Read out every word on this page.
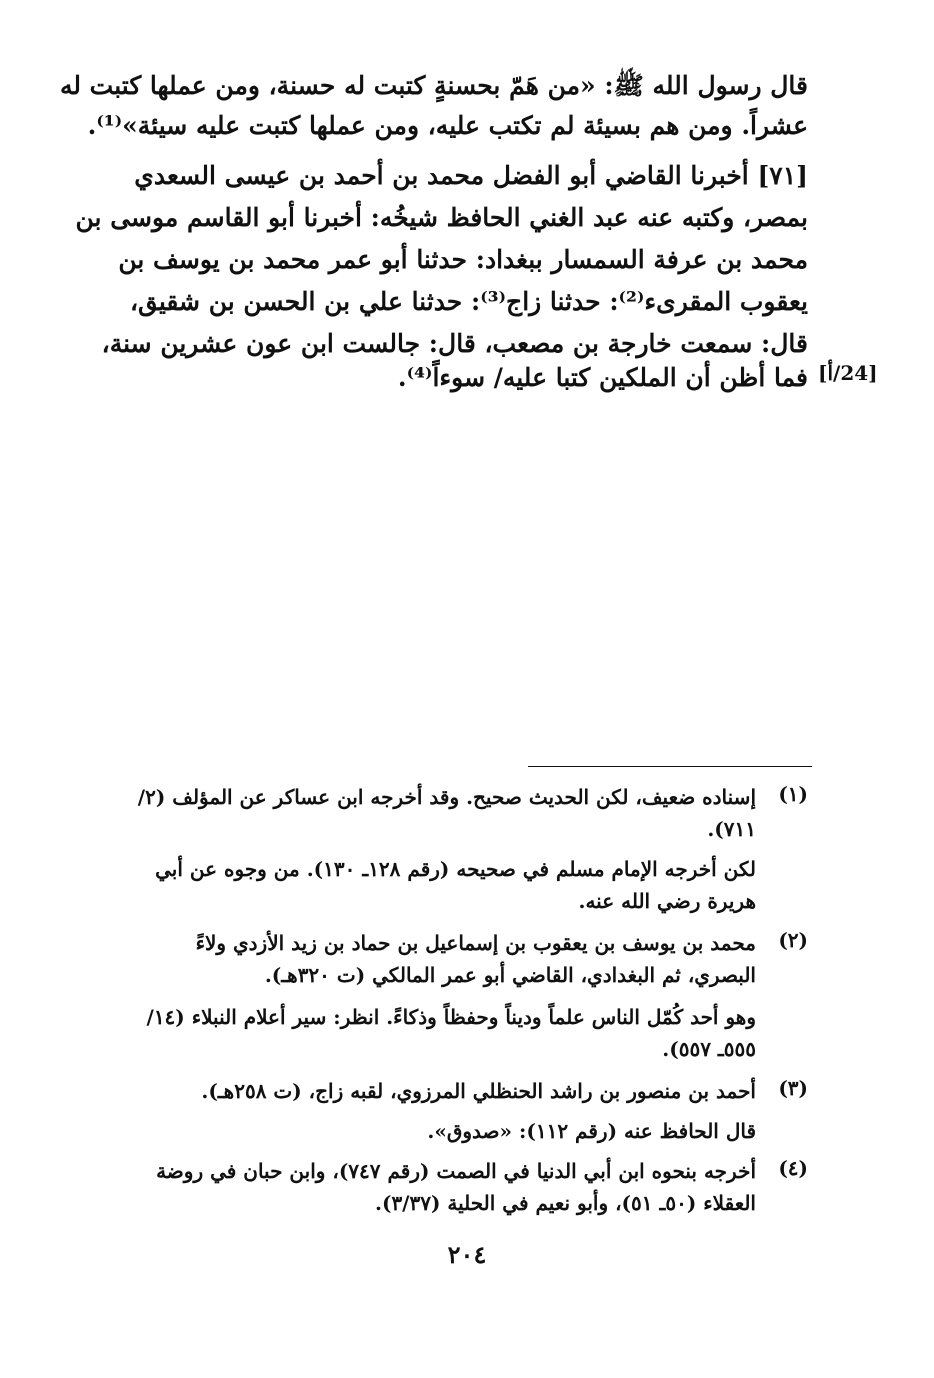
قال رسول الله ﷺ: «من هَمّ بحسنةٍ كتبت له حسنة، ومن عملها كتبت له
عشراً. ومن هم بسيئة لم تكتب عليه، ومن عملها كتبت عليه سيئة»⁽¹⁾.
[٧١] أخبرنا القاضي أبو الفضل محمد بن أحمد بن عيسى السعدي
بمصر، وكتبه عنه عبد الغني الحافظ شيخُه: أخبرنا أبو القاسم موسى بن
محمد بن عرفة السمسار ببغداد: حدثنا أبو عمر محمد بن يوسف بن
يعقوب المقرىء⁽²⁾: حدثنا زاج⁽³⁾: حدثنا علي بن الحسن بن شقيق،
قال: سمعت خارجة بن مصعب، قال: جالست ابن عون عشرين سنة،
فما أظن أن الملكين كتبا عليه/ سوءاً⁽⁴⁾. [24/أ]
(١)
إسناده ضعيف، لكن الحديث صحيح. وقد أخرجه ابن عساكر عن المؤلف (٢/
٧١١).
لكن أخرجه الإمام مسلم في صحيحه (رقم ١٢٨ـ ١٣٠). من وجوه عن أبي
هريرة رضي الله عنه.
(٢)
محمد بن يوسف بن يعقوب بن إسماعيل بن حماد بن زيد الأزدي ولاءً
البصري، ثم البغدادي، القاضي أبو عمر المالكي (ت ٣٢٠هـ).
وهو أحد كُمّل الناس علماً وديناً وحفظاً وذكاءً. انظر: سير أعلام النبلاء (١٤/
٥٥٥ـ ٥٥٧).
(٣)
أحمد بن منصور بن راشد الحنظلي المرزوي، لقبه زاج، (ت ٢٥٨هـ).
قال الحافظ عنه (رقم ١١٢): «صدوق».
(٤)
أخرجه بنحوه ابن أبي الدنيا في الصمت (رقم ٧٤٧)، وابن حبان في روضة
العقلاء (٥٠ـ ٥١)، وأبو نعيم في الحلية (٣/٣٧).
٢٠٤
